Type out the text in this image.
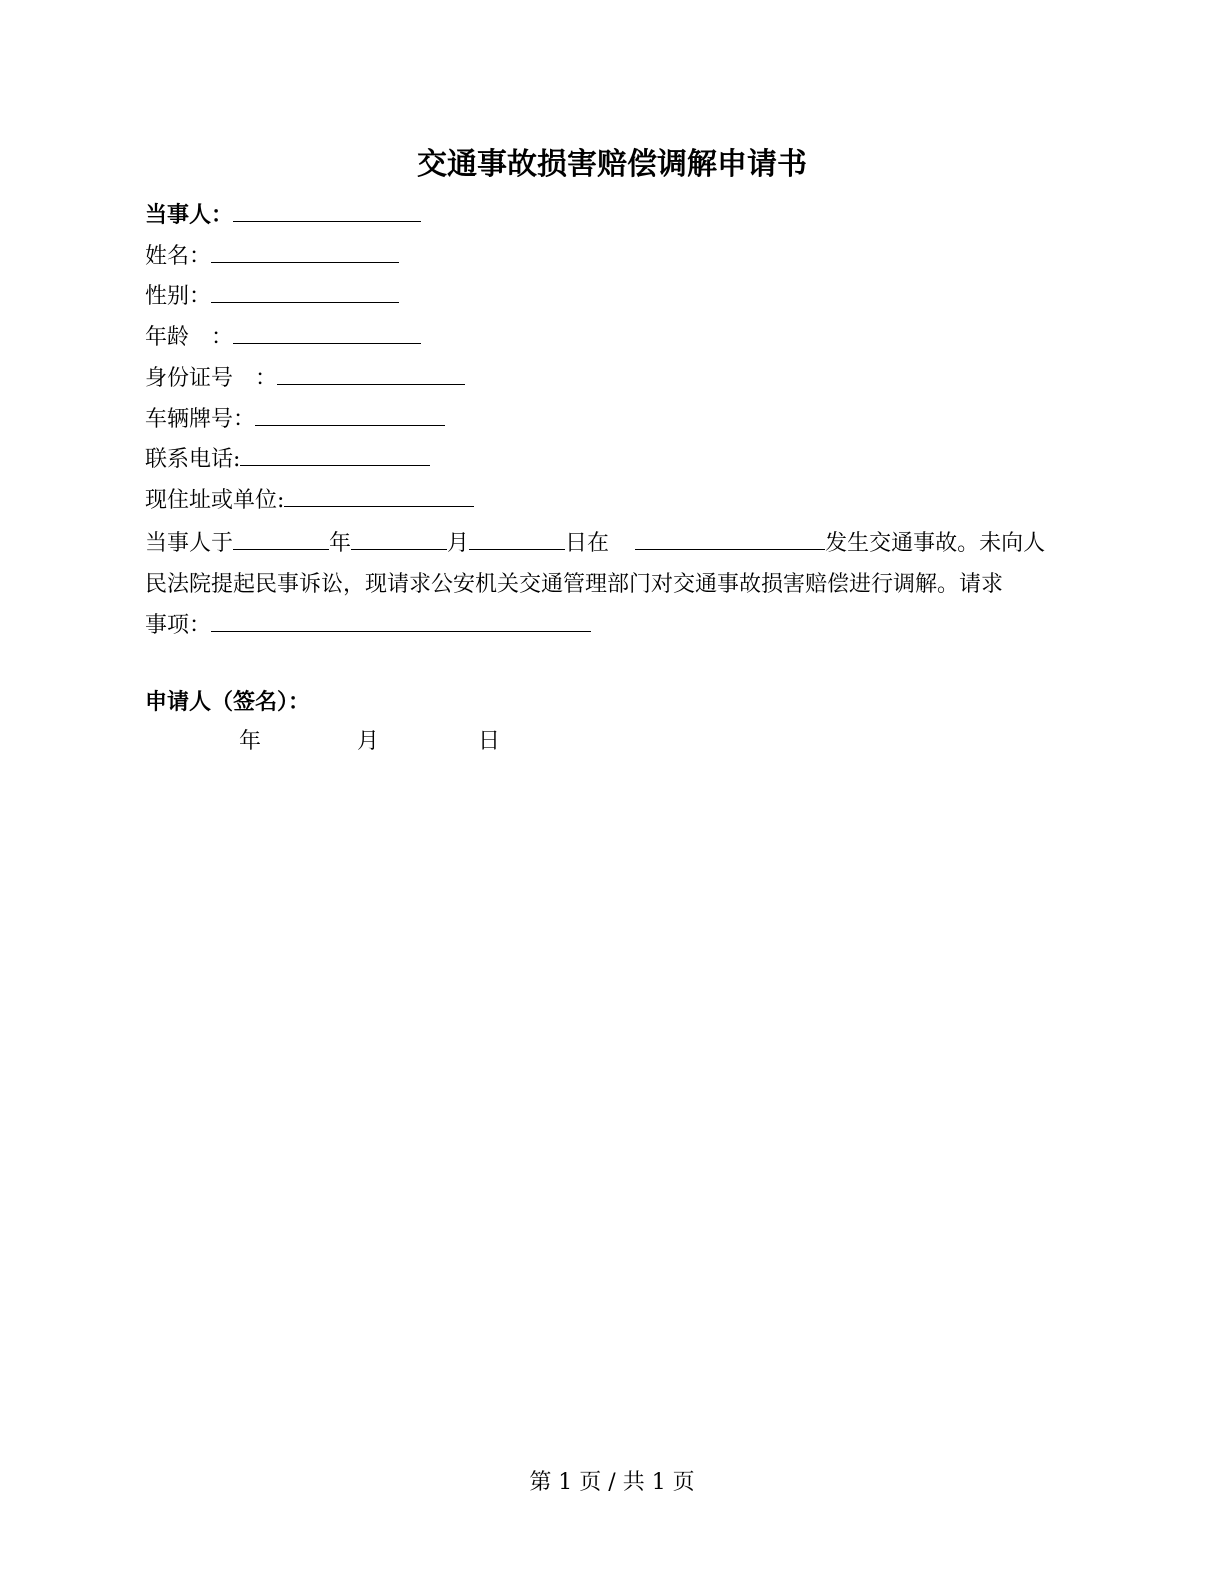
交通事故损害赔偿调解申请书
当事人：
姓名：
性别：
年龄　：
身份证号　：
车辆牌号：
联系电话:
现住址或单位:
当事人于	年	月	日在	发生交通事故。未向人
民法院提起民事诉讼，现请求公安机关交通管理部门对交通事故损害赔偿进行调解。请求
事项：
申请人（签名）：
年	月	日
第 1 页 / 共 1 页
